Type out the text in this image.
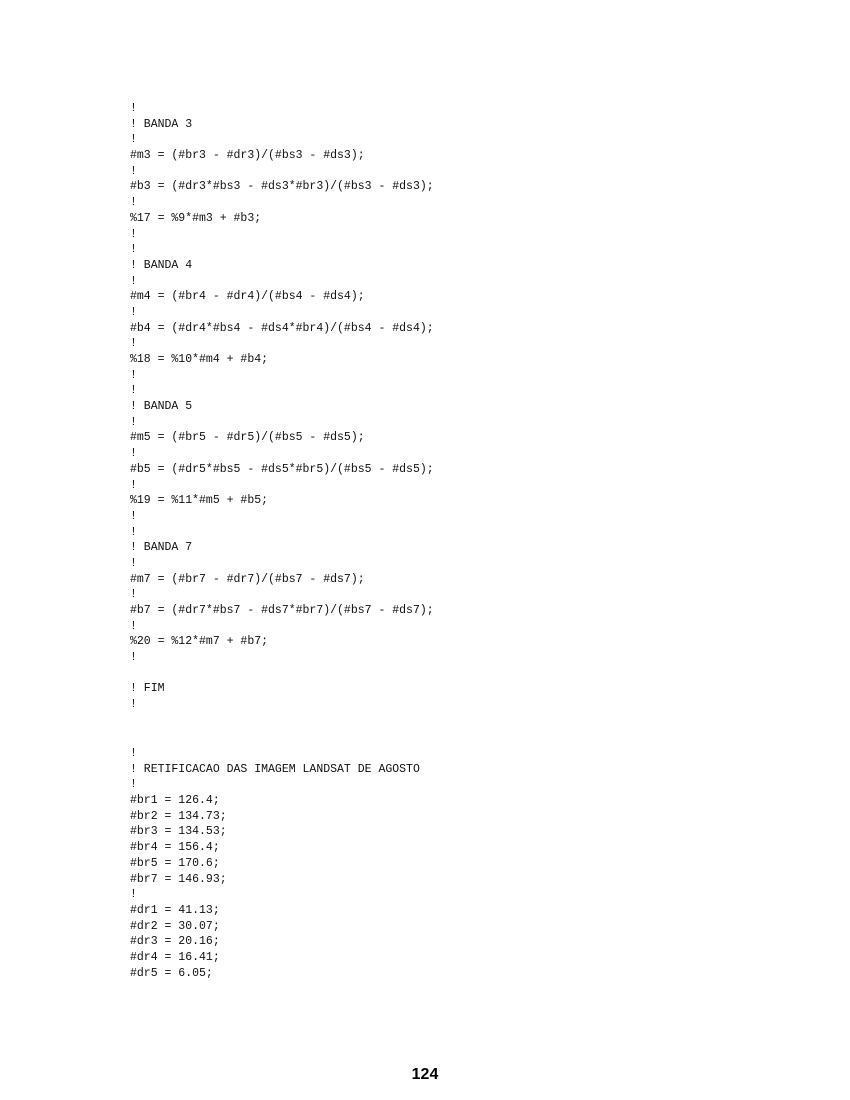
!
! BANDA 3
!
#m3 = (#br3 - #dr3)/(#bs3 - #ds3);
!
#b3 = (#dr3*#bs3 - #ds3*#br3)/(#bs3 - #ds3);
!
%17 = %9*#m3 + #b3;
!
!
! BANDA 4
!
#m4 = (#br4 - #dr4)/(#bs4 - #ds4);
!
#b4 = (#dr4*#bs4 - #ds4*#br4)/(#bs4 - #ds4);
!
%18 = %10*#m4 + #b4;
!
!
! BANDA 5
!
#m5 = (#br5 - #dr5)/(#bs5 - #ds5);
!
#b5 = (#dr5*#bs5 - #ds5*#br5)/(#bs5 - #ds5);
!
%19 = %11*#m5 + #b5;
!
!
! BANDA 7
!
#m7 = (#br7 - #dr7)/(#bs7 - #ds7);
!
#b7 = (#dr7*#bs7 - #ds7*#br7)/(#bs7 - #ds7);
!
%20 = %12*#m7 + #b7;
!
! FIM
!
!
! RETIFICACAO DAS IMAGEM LANDSAT DE AGOSTO
!
#br1 = 126.4;
#br2 = 134.73;
#br3 = 134.53;
#br4 = 156.4;
#br5 = 170.6;
#br7 = 146.93;
!
#dr1 = 41.13;
#dr2 = 30.07;
#dr3 = 20.16;
#dr4 = 16.41;
#dr5 = 6.05;
124
